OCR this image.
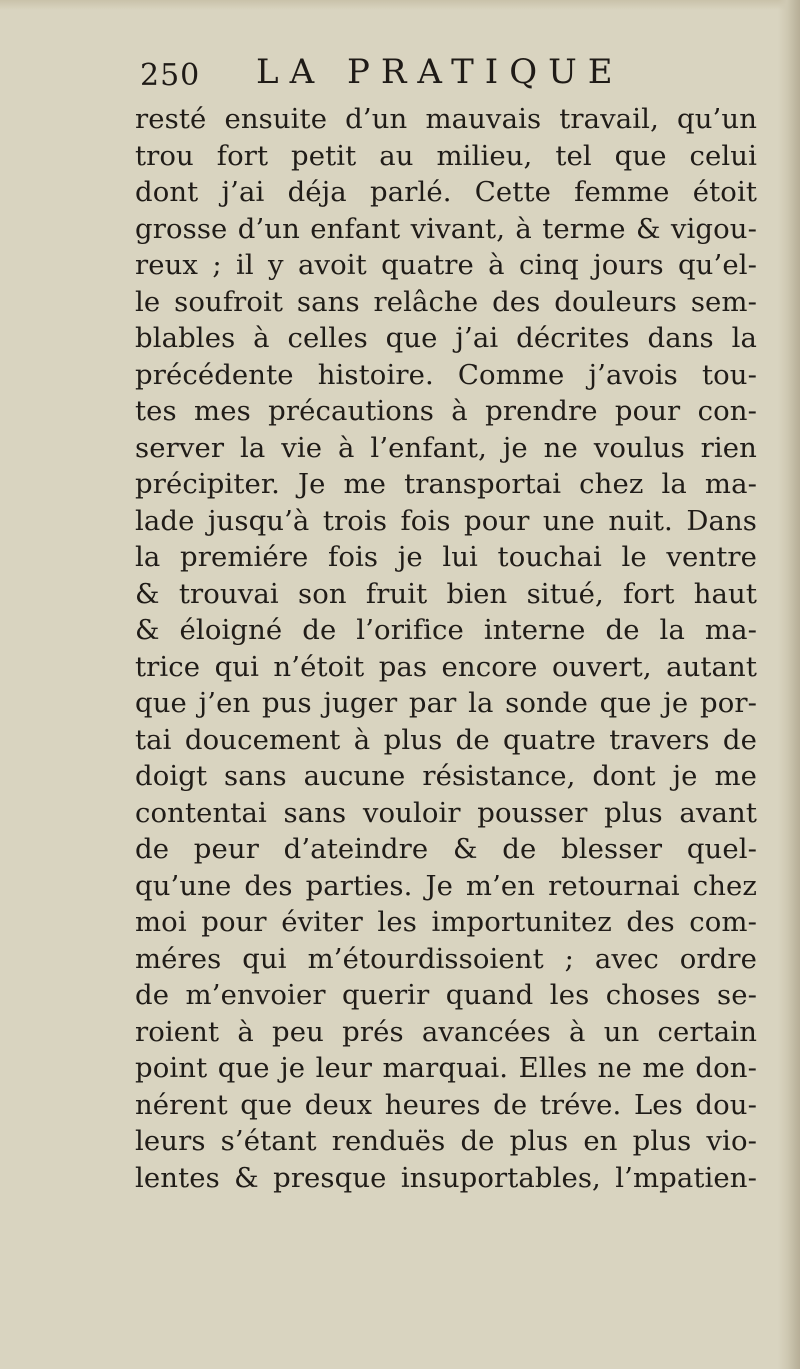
250 LA PRATIQUE
resté ensuite d’un mauvais travail, qu’un
trou fort petit au milieu, tel que celui
dont j’ai déja parlé. Cette femme étoit
grosse d’un enfant vivant, à terme & vigou-
reux ; il y avoit quatre à cinq jours qu’el-
le soufroit sans relâche des douleurs sem-
blables à celles que j’ai décrites dans la
précédente histoire. Comme j’avois tou-
tes mes précautions à prendre pour con-
server la vie à l’enfant, je ne voulus rien
précipiter. Je me transportai chez la ma-
lade jusqu’à trois fois pour une nuit. Dans
la premiére fois je lui touchai le ventre
& trouvai son fruit bien situé, fort haut
& éloigné de l’orifice interne de la ma-
trice qui n’étoit pas encore ouvert, autant
que j’en pus juger par la sonde que je por-
tai doucement à plus de quatre travers de
doigt sans aucune résistance, dont je me
contentai sans vouloir pousser plus avant
de peur d’ateindre & de blesser quel-
qu’une des parties. Je m’en retournai chez
moi pour éviter les importunitez des com-
méres qui m’étourdissoient ; avec ordre
de m’envoier querir quand les choses se-
roient à peu prés avancées à un certain
point que je leur marquai. Elles ne me don-
nérent que deux heures de tréve. Les dou-
leurs s’étant renduës de plus en plus vio-
lentes & presque insuportables, l’mpatien-
